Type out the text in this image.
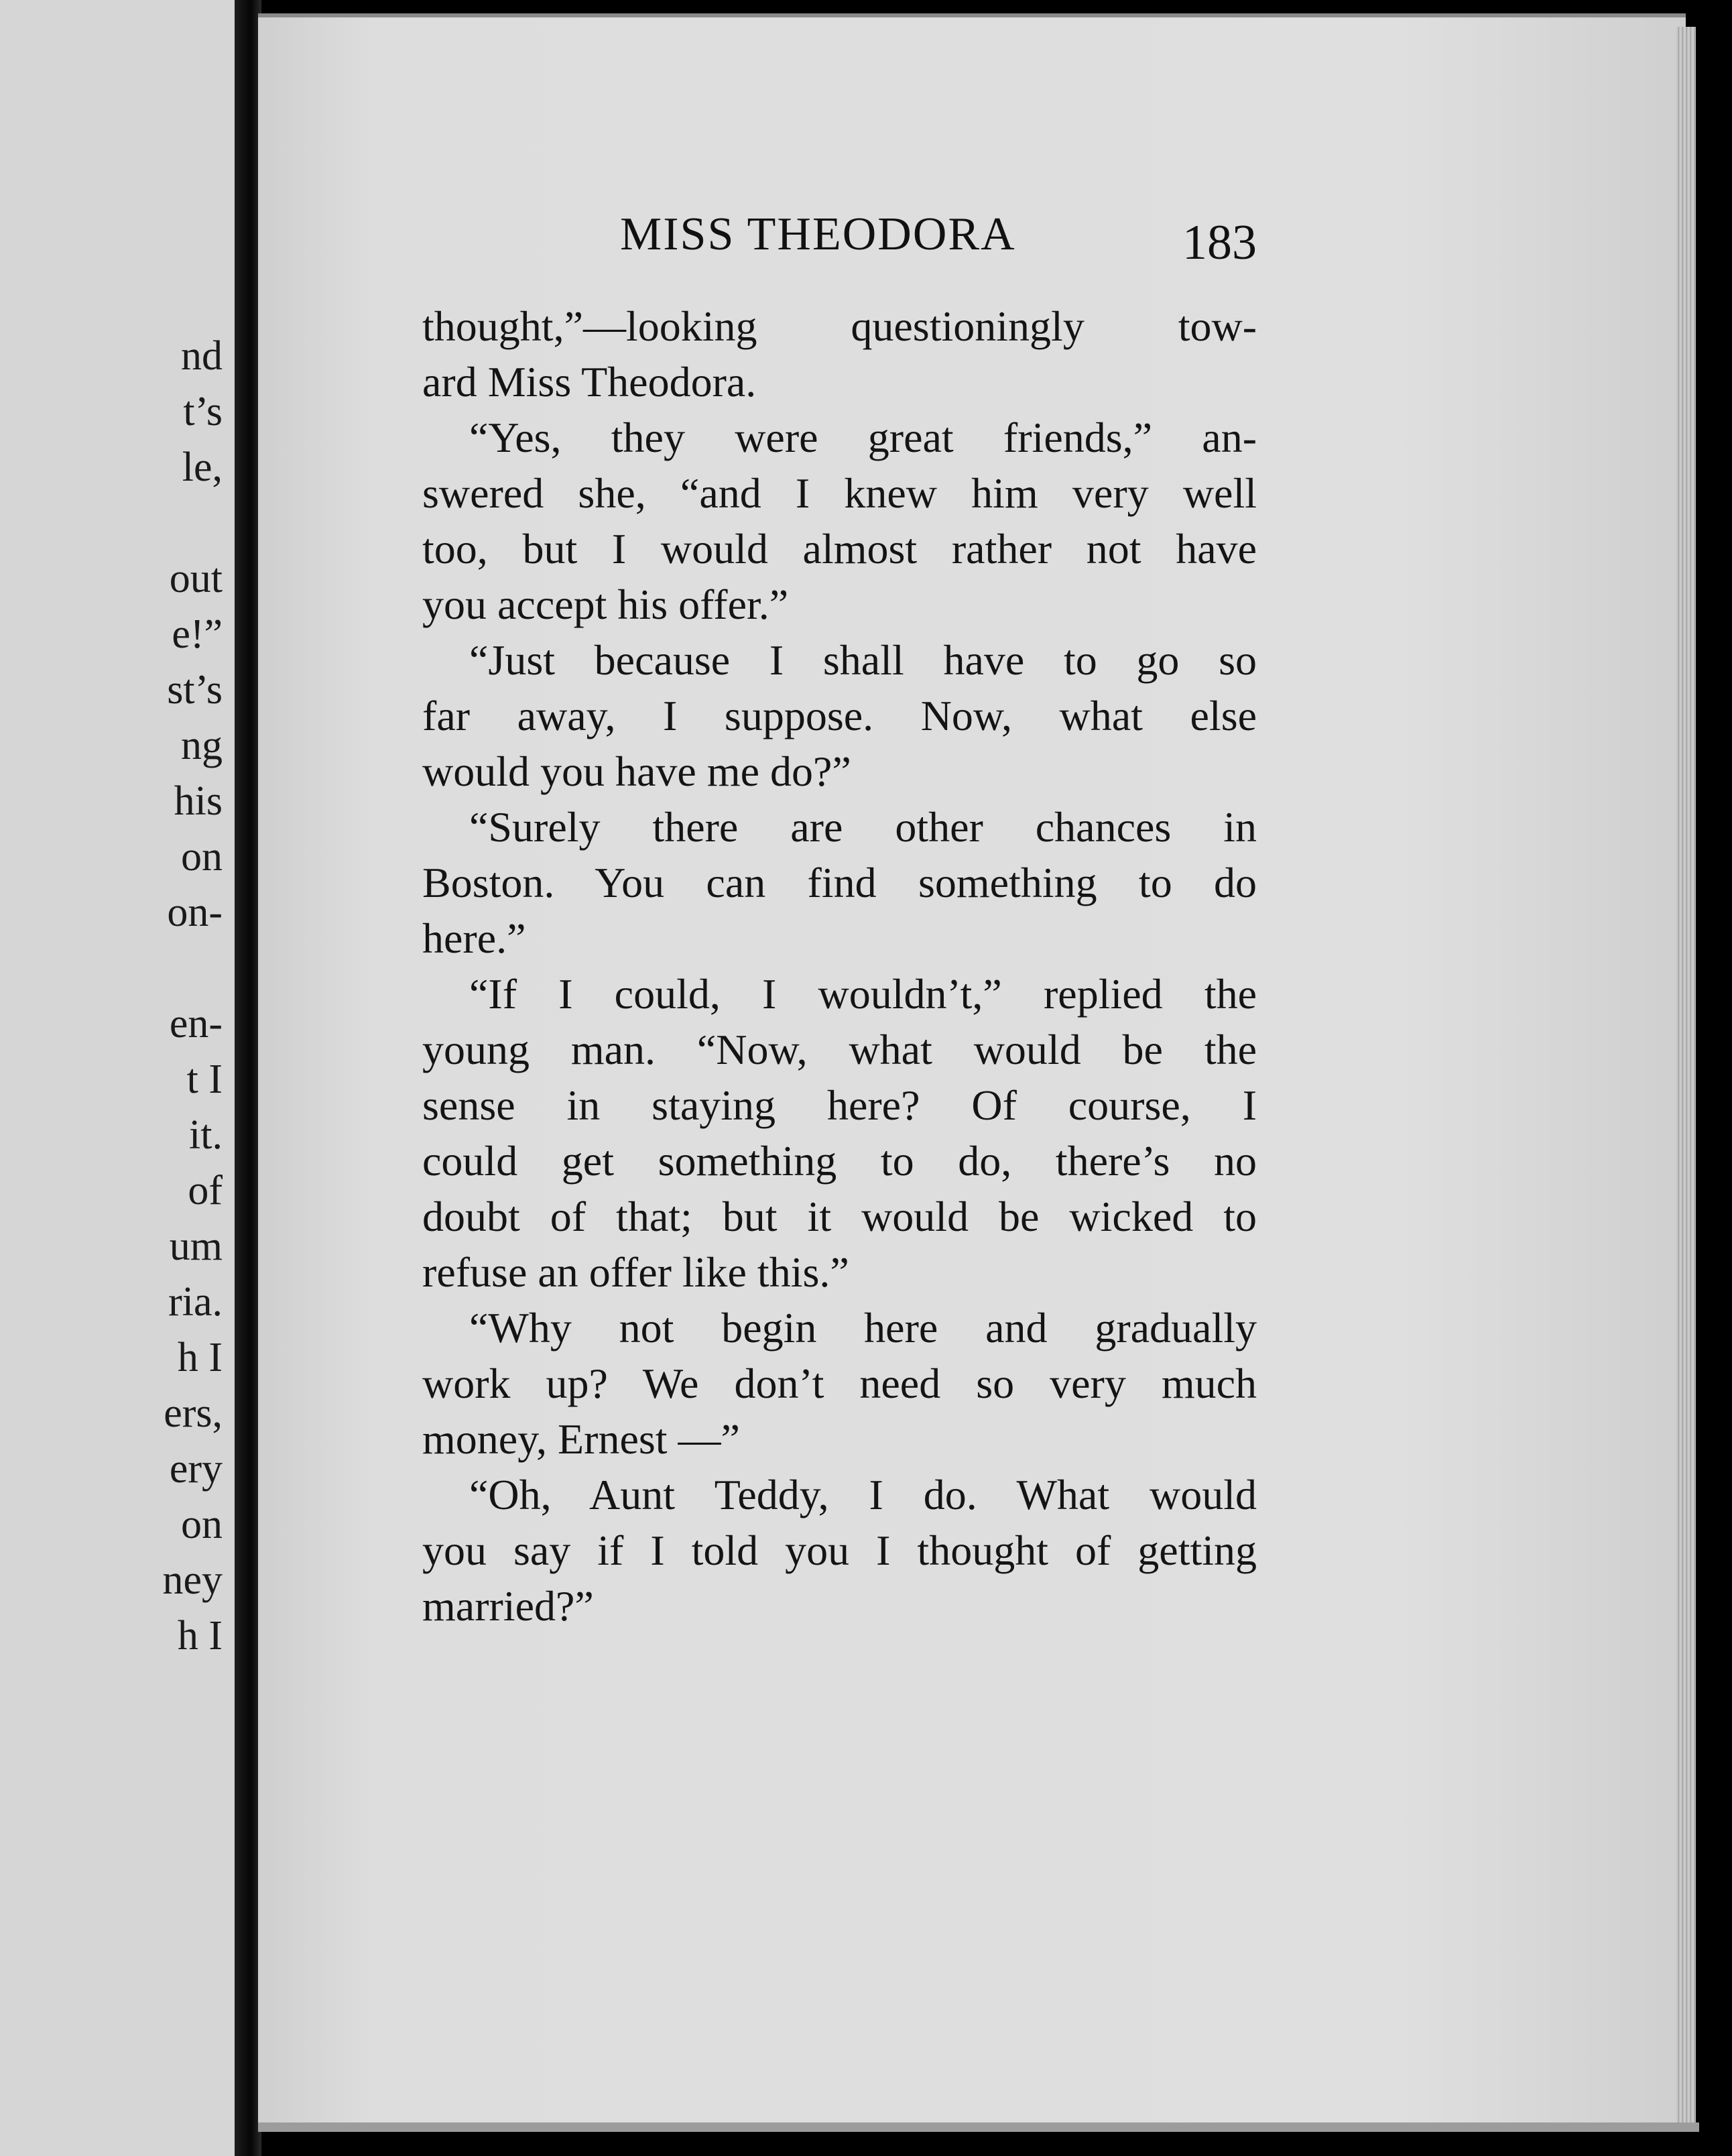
nd
t’s
le,
out
e!”
st’s
ng
his
on
on-
en-
t I
it.
of
um
ria.
h I
ers,
ery
on
ney
h I
MISS THEODORA	183
thought,”—looking questioningly tow-
ard Miss Theodora.
“Yes, they were great friends,” an-
swered she, “and I knew him very well
too, but I would almost rather not have
you accept his offer.”
“Just because I shall have to go so
far away, I suppose. Now, what else
would you have me do?”
“Surely there are other chances in
Boston. You can find something to do
here.”
“If I could, I wouldn’t,” replied the
young man. “Now, what would be the
sense in staying here? Of course, I
could get something to do, there’s no
doubt of that; but it would be wicked to
refuse an offer like this.”
“Why not begin here and gradually
work up? We don’t need so very much
money, Ernest —”
“Oh, Aunt Teddy, I do. What would
you say if I told you I thought of getting
married?”
